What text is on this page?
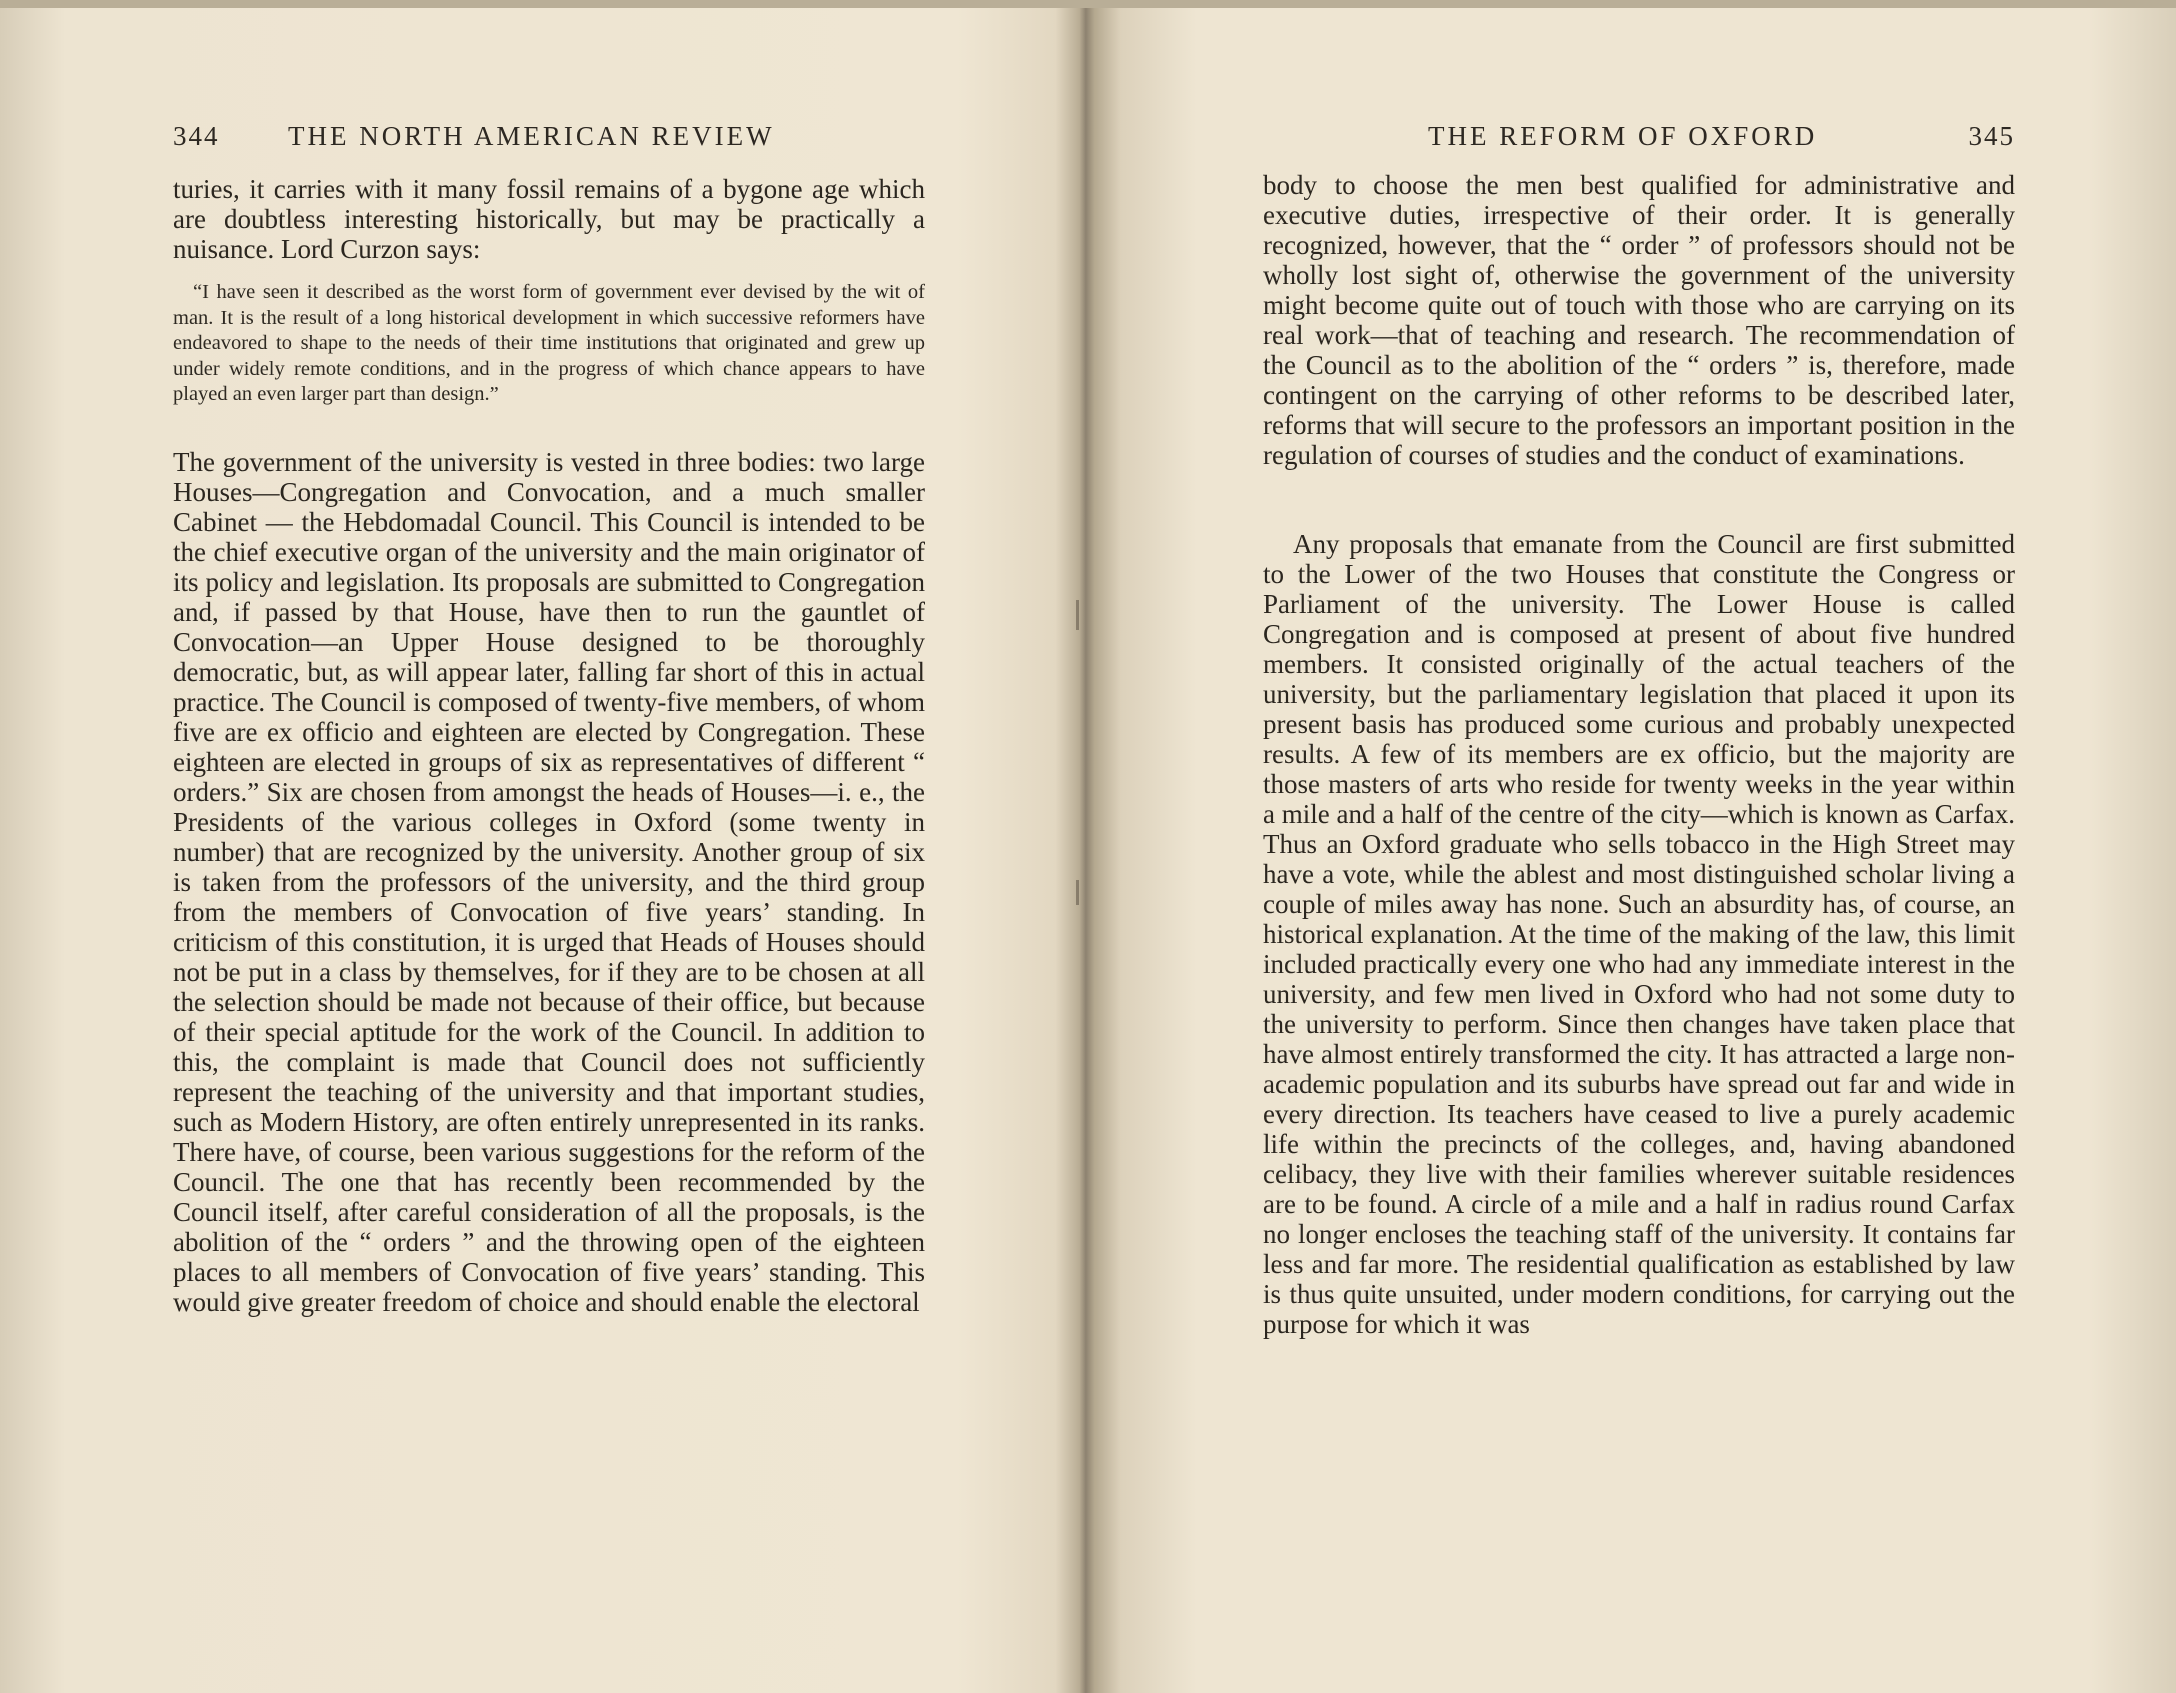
344	THE NORTH AMERICAN REVIEW

turies, it carries with it many fossil remains of a bygone age which are doubtless interesting historically, but may be practically a nuisance. Lord Curzon says:

“I have seen it described as the worst form of government ever devised by the wit of man. It is the result of a long historical development in which successive reformers have endeavored to shape to the needs of their time institutions that originated and grew up under widely remote conditions, and in the progress of which chance appears to have played an even larger part than design.”

The government of the university is vested in three bodies: two large Houses—Congregation and Convocation, and a much smaller Cabinet — the Hebdomadal Council. This Council is intended to be the chief executive organ of the university and the main originator of its policy and legislation. Its proposals are submitted to Congregation and, if passed by that House, have then to run the gauntlet of Convocation—an Upper House designed to be thoroughly democratic, but, as will appear later, falling far short of this in actual practice. The Council is composed of twenty-five members, of whom five are ex officio and eighteen are elected by Congregation. These eighteen are elected in groups of six as representatives of different “ orders.” Six are chosen from amongst the heads of Houses—i. e., the Presidents of the various colleges in Oxford (some twenty in number) that are recognized by the university. Another group of six is taken from the professors of the university, and the third group from the members of Convocation of five years’ standing. In criticism of this constitution, it is urged that Heads of Houses should not be put in a class by themselves, for if they are to be chosen at all the selection should be made not because of their office, but because of their special aptitude for the work of the Council. In addition to this, the complaint is made that Council does not sufficiently represent the teaching of the university and that important studies, such as Modern History, are often entirely unrepresented in its ranks. There have, of course, been various suggestions for the reform of the Council. The one that has recently been recommended by the Council itself, after careful consideration of all the proposals, is the abolition of the “ orders ” and the throwing open of the eighteen places to all members of Convocation of five years’ standing. This would give greater freedom of choice and should enable the electoral

THE REFORM OF OXFORD	345

body to choose the men best qualified for administrative and executive duties, irrespective of their order. It is generally recognized, however, that the “ order ” of professors should not be wholly lost sight of, otherwise the government of the university might become quite out of touch with those who are carrying on its real work—that of teaching and research. The recommendation of the Council as to the abolition of the “ orders ” is, therefore, made contingent on the carrying of other reforms to be described later, reforms that will secure to the professors an important position in the regulation of courses of studies and the conduct of examinations.

Any proposals that emanate from the Council are first submitted to the Lower of the two Houses that constitute the Congress or Parliament of the university. The Lower House is called Congregation and is composed at present of about five hundred members. It consisted originally of the actual teachers of the university, but the parliamentary legislation that placed it upon its present basis has produced some curious and probably unexpected results. A few of its members are ex officio, but the majority are those masters of arts who reside for twenty weeks in the year within a mile and a half of the centre of the city—which is known as Carfax. Thus an Oxford graduate who sells tobacco in the High Street may have a vote, while the ablest and most distinguished scholar living a couple of miles away has none. Such an absurdity has, of course, an historical explanation. At the time of the making of the law, this limit included practically every one who had any immediate interest in the university, and few men lived in Oxford who had not some duty to the university to perform. Since then changes have taken place that have almost entirely transformed the city. It has attracted a large non-academic population and its suburbs have spread out far and wide in every direction. Its teachers have ceased to live a purely academic life within the precincts of the colleges, and, having abandoned celibacy, they live with their families wherever suitable residences are to be found. A circle of a mile and a half in radius round Carfax no longer encloses the teaching staff of the university. It contains far less and far more. The residential qualification as established by law is thus quite unsuited, under modern conditions, for carrying out the purpose for which it was
